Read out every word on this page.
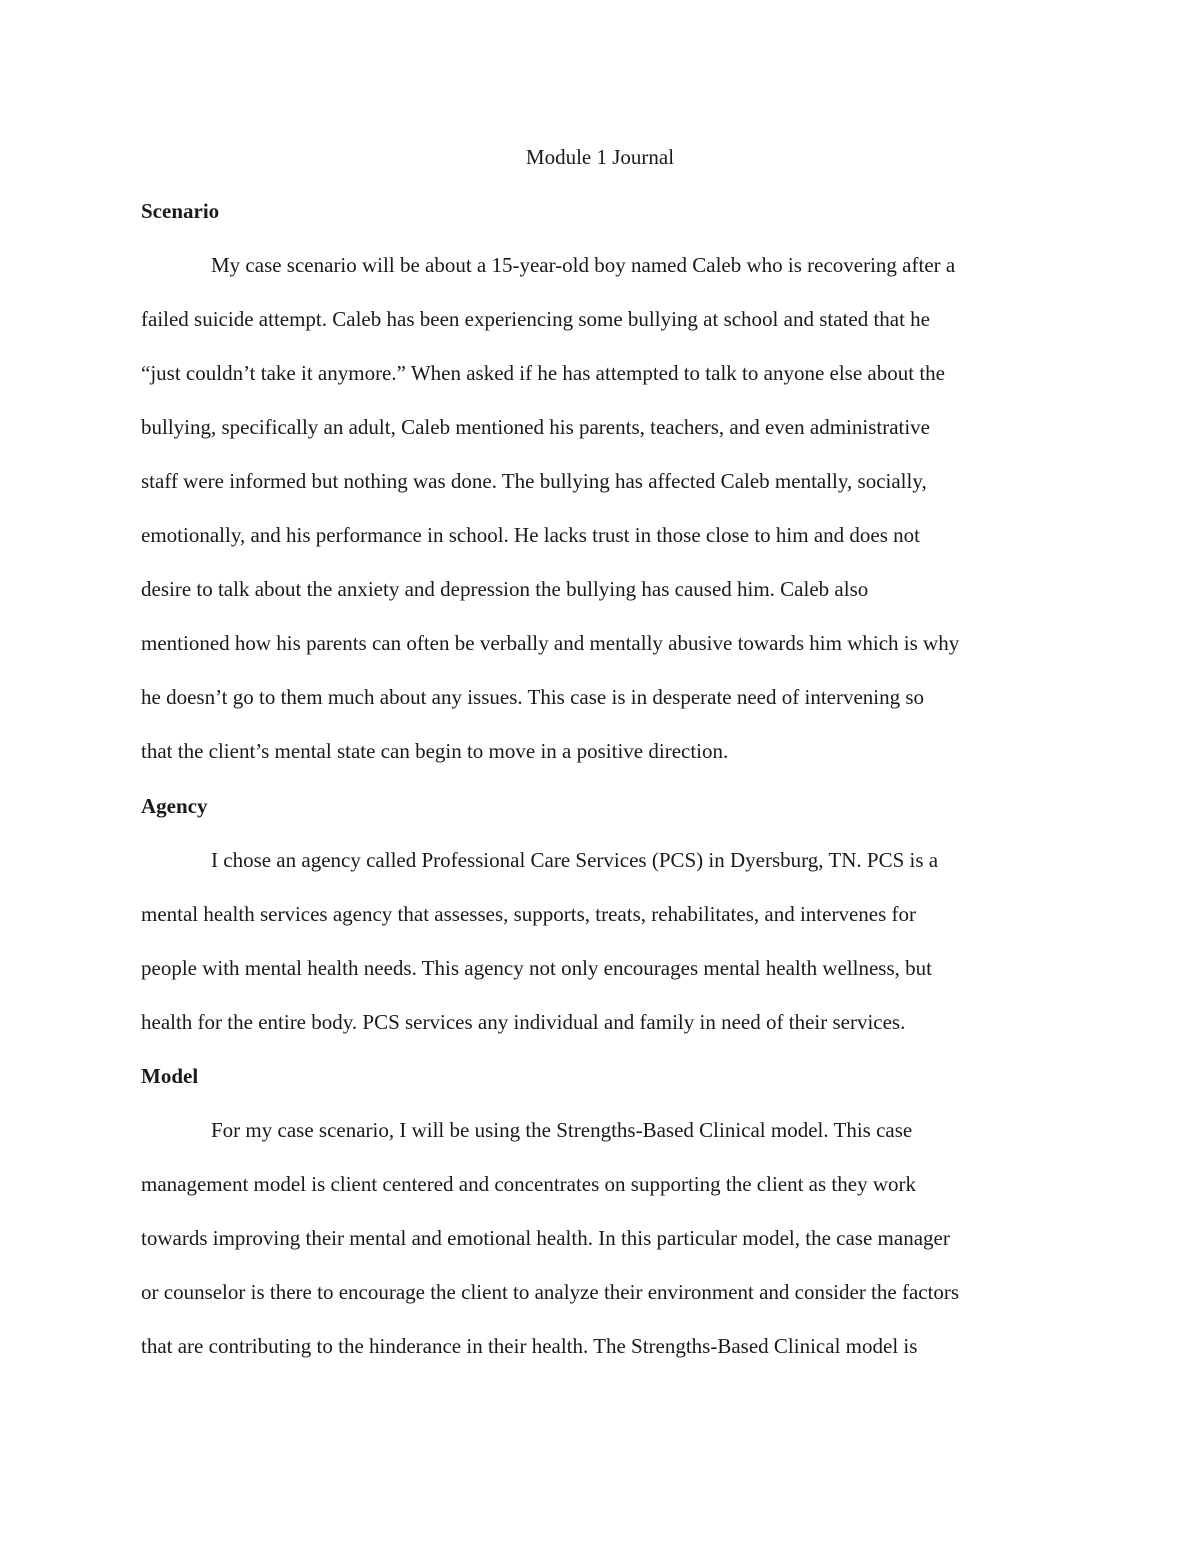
Module 1 Journal
Scenario

My case scenario will be about a 15-year-old boy named Caleb who is recovering after a

failed suicide attempt. Caleb has been experiencing some bullying at school and stated that he

“just couldn’t take it anymore.” When asked if he has attempted to talk to anyone else about the

bullying, specifically an adult, Caleb mentioned his parents, teachers, and even administrative

staff were informed but nothing was done. The bullying has affected Caleb mentally, socially,

emotionally, and his performance in school. He lacks trust in those close to him and does not

desire to talk about the anxiety and depression the bullying has caused him. Caleb also

mentioned how his parents can often be verbally and mentally abusive towards him which is why

he doesn’t go to them much about any issues. This case is in desperate need of intervening so

that the client’s mental state can begin to move in a positive direction.

Agency

I chose an agency called Professional Care Services (PCS) in Dyersburg, TN. PCS is a

mental health services agency that assesses, supports, treats, rehabilitates, and intervenes for

people with mental health needs. This agency not only encourages mental health wellness, but

health for the entire body. PCS services any individual and family in need of their services.

Model

For my case scenario, I will be using the Strengths-Based Clinical model. This case

management model is client centered and concentrates on supporting the client as they work

towards improving their mental and emotional health. In this particular model, the case manager

or counselor is there to encourage the client to analyze their environment and consider the factors

that are contributing to the hinderance in their health. The Strengths-Based Clinical model is
